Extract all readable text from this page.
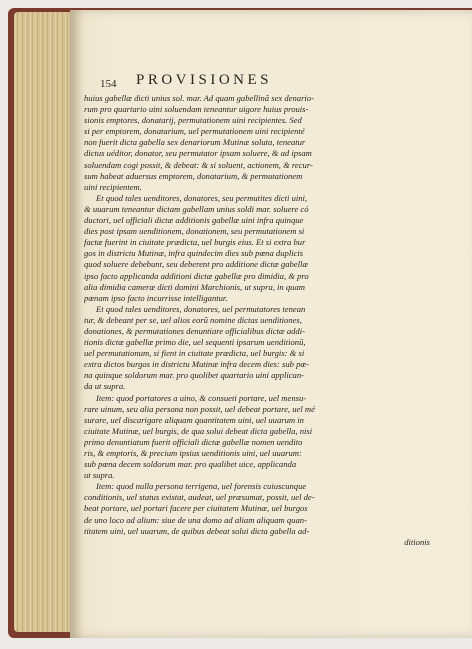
154 PROVISIONES
huius gabellæ dicti unius sol. mar. Ad quam gabellinã sex denario-
rum pro quartario uini soluendam teneantur uigore huius prouis-
sionis emptores, donatarij, permutationem uini recipientes. Sed
si per emptorem, donatarium, uel permutationem uini recipienté
non fuerit dicta gabella sex denariorum Mutinæ soluta, teneatur
dictus uéditor, donator, seu permutator ipsam soluere, & ad ipsam
soluendam cogi possit, & debeat: & si soluent, actionem, & recur-
sum habeat aduersus emptorem, donatarium, & permutationem
uini recipientem.
Et quod tales uenditores, donatores, seu permutites dicti uini,
& uuarum teneantur dictam gabellam unius soldi mar. soluere có
ductori, uel officiali dictæ additionis gabellæ uini infra quinque
dies post ipsam uenditionem, donationem, seu permutationem si
factæ fuerint in ciuitate prædicta, uel burgis eius. Et si extra bur
gos in districtu Mutinæ, infra quindecim dies sub pœna duplicis
quod soluere debebunt, seu deberent pro additione dictæ gabellæ
ipso facto applicanda additioni dictæ gabellæ pro dimidia, & pro
alia dimidia cameræ dicti domini Marchionis, ut supra, in quam
pœnam ipso facto incurrisse intelligantur.
Et quod tales uenditores, donatores, uel permutatores tenean
tur, & debeant per se, uel alios eorũ nomine dictas uenditiones,
donationes, & permutationes denuntiare officialibus dictæ addi-
tionis dictæ gabellæ primo die, uel sequenti ipsarum uenditionũ,
uel permutationum, si fient in ciuitate prædicta, uel burgis: & si
extra dictos burgos in districtu Mutinæ infra decem dies: sub pœ-
na quinque soldorum mar. pro quolibet quartario uini applican-
da ut supra.
Item: quod portatores a uino, & consueti portare, uel mensu-
rare uinum, seu alia persona non possit, uel debeat portare, uel mé
surare, uel discarigare aliquam quantitatem uini, uel uuarum in
ciuitate Mutinæ, uel burgis, de qua solui debeat dicta gabella, nisi
primo denuntiatum fuerit officiali dictæ gabellæ nomen uendito
ris, & emptoris, & precium ipsius uenditionis uini, uel uuarum:
sub pœna decem soldorum mar. pro qualibet uice, applicanda
ut supra.
Item: quod nulla persona terrigena, uel forensis cuiuscunque
conditionis, uel status existat, audeat, uel præsumat, possit, uel de-
beat portare, uel portari facere per ciuitatem Mutinæ, uel burgos
de uno loco ad alium: siue de una domo ad aliam aliquam quan-
titatem uini, uel uuarum, de quibus debeat solui dicta gabella ad-
ditionis
